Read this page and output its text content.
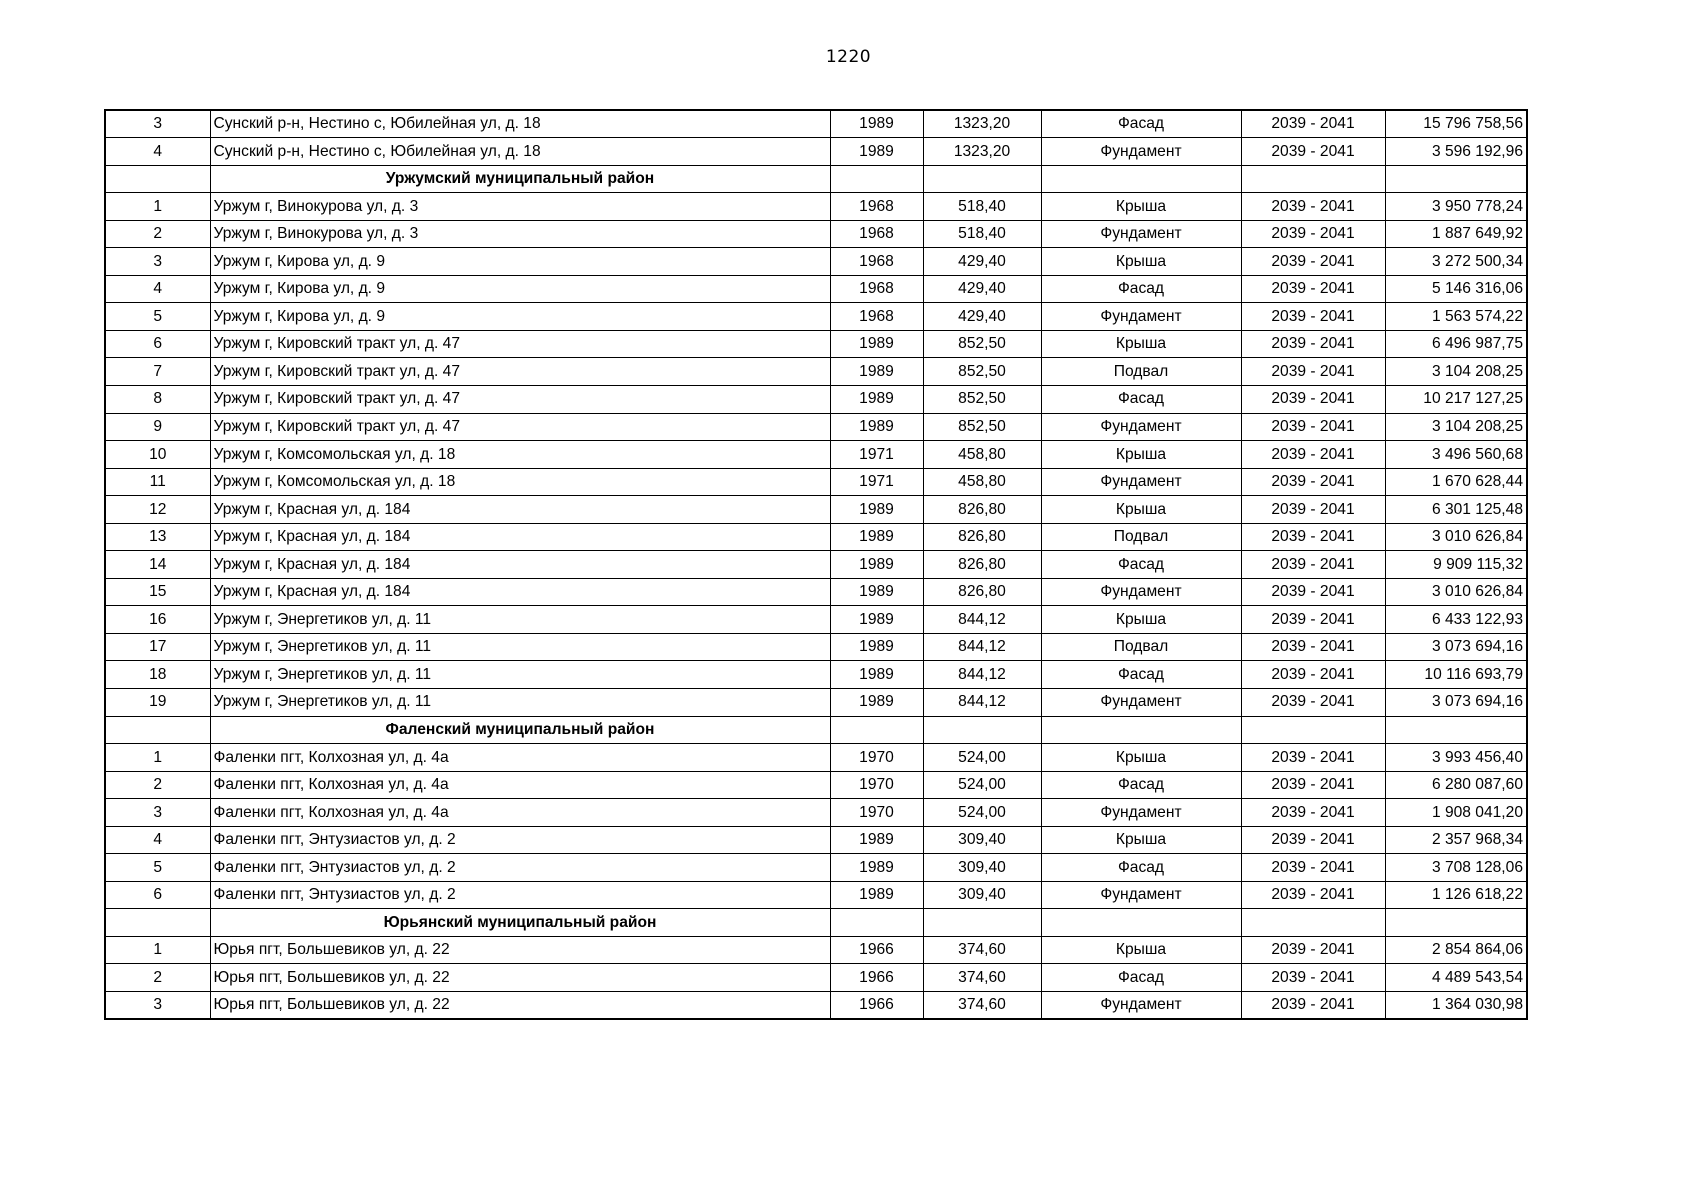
1220
3	Сунский р-н, Нестино с, Юбилейная ул, д. 18	1989	1323,20	Фасад	2039 - 2041	15 796 758,56
4	Сунский р-н, Нестино с, Юбилейная ул, д. 18	1989	1323,20	Фундамент	2039 - 2041	3 596 192,96
	Уржумский муниципальный район					
1	Уржум г, Винокурова ул, д. 3	1968	518,40	Крыша	2039 - 2041	3 950 778,24
2	Уржум г, Винокурова ул, д. 3	1968	518,40	Фундамент	2039 - 2041	1 887 649,92
3	Уржум г, Кирова ул, д. 9	1968	429,40	Крыша	2039 - 2041	3 272 500,34
4	Уржум г, Кирова ул, д. 9	1968	429,40	Фасад	2039 - 2041	5 146 316,06
5	Уржум г, Кирова ул, д. 9	1968	429,40	Фундамент	2039 - 2041	1 563 574,22
6	Уржум г, Кировский тракт ул, д. 47	1989	852,50	Крыша	2039 - 2041	6 496 987,75
7	Уржум г, Кировский тракт ул, д. 47	1989	852,50	Подвал	2039 - 2041	3 104 208,25
8	Уржум г, Кировский тракт ул, д. 47	1989	852,50	Фасад	2039 - 2041	10 217 127,25
9	Уржум г, Кировский тракт ул, д. 47	1989	852,50	Фундамент	2039 - 2041	3 104 208,25
10	Уржум г, Комсомольская ул, д. 18	1971	458,80	Крыша	2039 - 2041	3 496 560,68
11	Уржум г, Комсомольская ул, д. 18	1971	458,80	Фундамент	2039 - 2041	1 670 628,44
12	Уржум г, Красная ул, д. 184	1989	826,80	Крыша	2039 - 2041	6 301 125,48
13	Уржум г, Красная ул, д. 184	1989	826,80	Подвал	2039 - 2041	3 010 626,84
14	Уржум г, Красная ул, д. 184	1989	826,80	Фасад	2039 - 2041	9 909 115,32
15	Уржум г, Красная ул, д. 184	1989	826,80	Фундамент	2039 - 2041	3 010 626,84
16	Уржум г, Энергетиков ул, д. 11	1989	844,12	Крыша	2039 - 2041	6 433 122,93
17	Уржум г, Энергетиков ул, д. 11	1989	844,12	Подвал	2039 - 2041	3 073 694,16
18	Уржум г, Энергетиков ул, д. 11	1989	844,12	Фасад	2039 - 2041	10 116 693,79
19	Уржум г, Энергетиков ул, д. 11	1989	844,12	Фундамент	2039 - 2041	3 073 694,16
	Фаленский муниципальный район					
1	Фаленки пгт, Колхозная ул, д. 4а	1970	524,00	Крыша	2039 - 2041	3 993 456,40
2	Фаленки пгт, Колхозная ул, д. 4а	1970	524,00	Фасад	2039 - 2041	6 280 087,60
3	Фаленки пгт, Колхозная ул, д. 4а	1970	524,00	Фундамент	2039 - 2041	1 908 041,20
4	Фаленки пгт, Энтузиастов ул, д. 2	1989	309,40	Крыша	2039 - 2041	2 357 968,34
5	Фаленки пгт, Энтузиастов ул, д. 2	1989	309,40	Фасад	2039 - 2041	3 708 128,06
6	Фаленки пгт, Энтузиастов ул, д. 2	1989	309,40	Фундамент	2039 - 2041	1 126 618,22
	Юрьянский муниципальный район					
1	Юрья пгт, Большевиков ул, д. 22	1966	374,60	Крыша	2039 - 2041	2 854 864,06
2	Юрья пгт, Большевиков ул, д. 22	1966	374,60	Фасад	2039 - 2041	4 489 543,54
3	Юрья пгт, Большевиков ул, д. 22	1966	374,60	Фундамент	2039 - 2041	1 364 030,98
